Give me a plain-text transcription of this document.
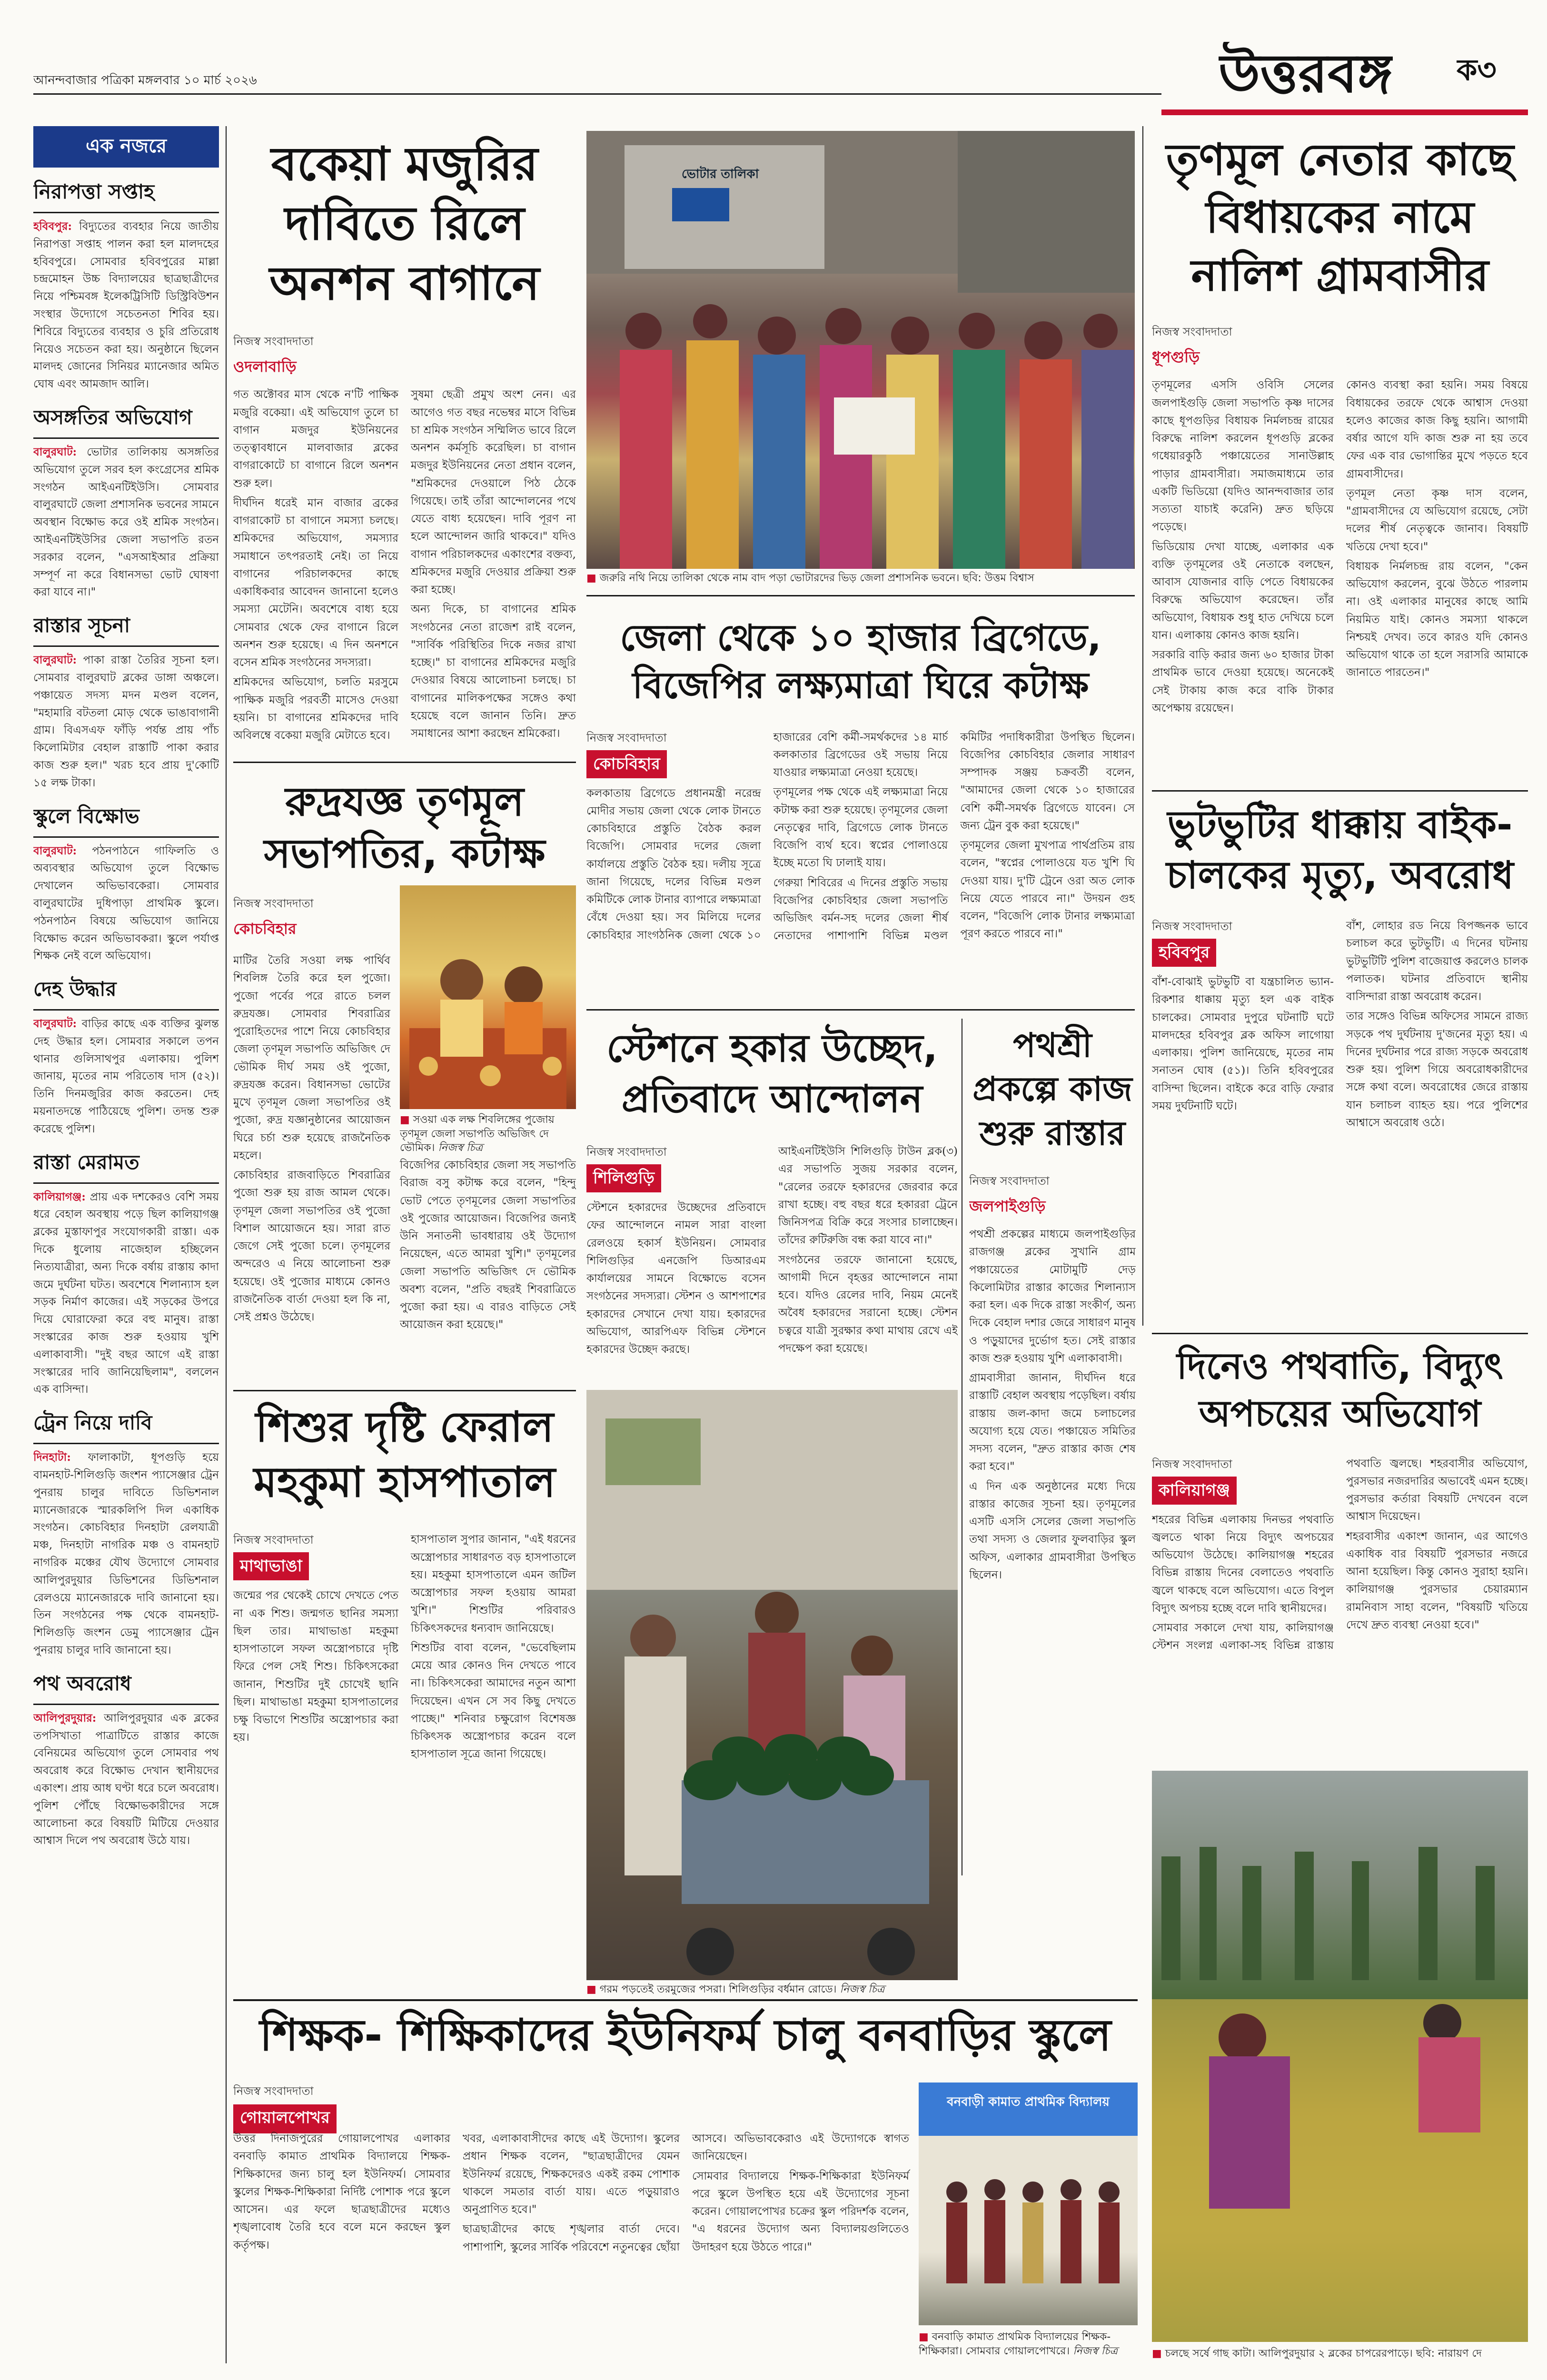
আনন্দবাজার পত্রিকা মঙ্গলবার ১০ মার্চ ২০২৬	উত্তরবঙ্গ ক৩
এক নজরে
নিরাপত্তা সপ্তাহ
হবিবপুর: বিদ্যুতের ব্যবহার নিয়ে জাতীয় নিরাপত্তা সপ্তাহ পালন করা হল মালদহের হবিবপুরে। সোমবার হবিবপুরের মাল্লা চন্দ্রমোহন উচ্চ বিদ্যালয়ের ছাত্রছাত্রীদের নিয়ে পশ্চিমবঙ্গ ইলেকট্রিসিটি ডিস্ট্রিবিউশন সংস্থার উদ্যোগে সচেতনতা শিবির হয়। শিবিরে বিদ্যুতের ব্যবহার ও চুরি প্রতিরোধ নিয়েও সচেতন করা হয়। অনুষ্ঠানে ছিলেন মালদহ জোনের সিনিয়র ম্যানেজার অমিত ঘোষ এবং আমজাদ আলি।
অসঙ্গতির অভিযোগ
বালুরঘাট: ভোটার তালিকায় অসঙ্গতির অভিযোগ তুলে সরব হল কংগ্রেসের শ্রমিক সংগঠন আইএনটিইউসি। সোমবার বালুরঘাটে জেলা প্রশাসনিক ভবনের সামনে অবস্থান বিক্ষোভ করে ওই শ্রমিক সংগঠন। আইএনটিইউসির জেলা সভাপতি রতন সরকার বলেন, "এসআইআর প্রক্রিয়া সম্পূর্ণ না করে বিধানসভা ভোট ঘোষণা করা যাবে না।"
রাস্তার সূচনা
বালুরঘাট: পাকা রাস্তা তৈরির সূচনা হল। সোমবার বালুরঘাট ব্লকের ডাঙ্গা অঞ্চলে। পঞ্চায়েত সদস্য মদন মণ্ডল বলেন, "মহামারি বটতলা মোড় থেকে ভাঙাবাগানী গ্রাম। বিএসএফ ফাঁড়ি পর্যন্ত প্রায় পাঁচ কিলোমিটার বেহাল রাস্তাটি পাকা করার কাজ শুরু হল।" খরচ হবে প্রায় দু'কোটি ১৫ লক্ষ টাকা।
স্কুলে বিক্ষোভ
বালুরঘাট: পঠনপাঠনে গাফিলতি ও অব্যবস্থার অভিযোগ তুলে বিক্ষোভ দেখালেন অভিভাবকেরা। সোমবার বালুরঘাটের দুধিপাড়া প্রাথমিক স্কুলে। পঠনপাঠন বিষয়ে অভিযোগ জানিয়ে বিক্ষোভ করেন অভিভাবকরা। স্কুলে পর্যাপ্ত শিক্ষক নেই বলে অভিযোগ।
দেহ উদ্ধার
বালুরঘাট: বাড়ির কাছে এক ব্যক্তির ঝুলন্ত দেহ উদ্ধার হল। সোমবার সকালে তপন থানার গুলিসাথপুর এলাকায়। পুলিশ জানায়, মৃতের নাম পরিতোষ দাস (৫২)। তিনি দিনমজুরির কাজ করতেন। দেহ ময়নাতদন্তে পাঠিয়েছে পুলিশ। তদন্ত শুরু করেছে পুলিশ।
রাস্তা মেরামত
কালিয়াগঞ্জ: প্রায় এক দশকেরও বেশি সময় ধরে বেহাল অবস্থায় পড়ে ছিল কালিয়াগঞ্জ ব্লকের মুস্তাফাপুর সংযোগকারী রাস্তা। এক দিকে ধুলোয় নাজেহাল হচ্ছিলেন নিত্যযাত্রীরা, অন্য দিকে বর্ষায় রাস্তায় কাদা জমে দুর্ঘটনা ঘটত। অবশেষে শিলান্যাস হল সড়ক নির্মাণ কাজের। এই সড়কের উপরে দিয়ে ঘোরাফেরা করে বহু মানুষ। রাস্তা সংস্কারের কাজ শুরু হওয়ায় খুশি এলাকাবাসী। "দুই বছর আগে এই রাস্তা সংস্কারের দাবি জানিয়েছিলাম", বললেন এক বাসিন্দা।
ট্রেন নিয়ে দাবি
দিনহাটা: ফালাকাটা, ধূপগুড়ি হয়ে বামনহাট-শিলিগুড়ি জংশন প্যাসেঞ্জার ট্রেন পুনরায় চালুর দাবিতে ডিভিশনাল ম্যানেজারকে স্মারকলিপি দিল একাধিক সংগঠন। কোচবিহার দিনহাটা রেলযাত্রী মঞ্চ, দিনহাটা নাগরিক মঞ্চ ও বামনহাট নাগরিক মঞ্চের যৌথ উদ্যোগে সোমবার আলিপুরদুয়ার ডিভিশনের ডিভিশনাল রেলওয়ে ম্যানেজারকে দাবি জানানো হয়। তিন সংগঠনের পক্ষ থেকে বামনহাট-শিলিগুড়ি জংশন ডেমু প্যাসেঞ্জার ট্রেন পুনরায় চালুর দাবি জানানো হয়।
পথ অবরোধ
আলিপুরদুয়ার: আলিপুরদুয়ার এক ব্লকের তপসিখাতা পাত্রাটিতে রাস্তার কাজে বেনিয়মের অভিযোগ তুলে সোমবার পথ অবরোধ করে বিক্ষোভ দেখান স্থানীয়দের একাংশ। প্রায় আধ ঘণ্টা ধরে চলে অবরোধ। পুলিশ পৌঁছে বিক্ষোভকারীদের সঙ্গে আলোচনা করে বিষয়টি মিটিয়ে দেওয়ার আশ্বাস দিলে পথ অবরোধ উঠে যায়।
বকেয়া মজুরির দাবিতে রিলে অনশন বাগানে
নিজস্ব সংবাদদাতা
ওদলাবাড়ি

গত অক্টোবর মাস থেকে ন'টি পাক্ষিক মজুরি বকেয়া। এই অভিযোগ তুলে চা বাগান মজদুর ইউনিয়নের তত্ত্বাবধানে মালবাজার ব্লকের বাগরাকোটে চা বাগানে রিলে অনশন শুরু হল।

দীর্ঘদিন ধরেই মান বাজার ব্রকের বাগরাকোট চা বাগানে সমস্যা চলছে। শ্রমিকদের অভিযোগ, সমস্যার সমাধানে তৎপরতাই নেই। তা নিয়ে বাগানের পরিচালকদের কাছে একাধিকবার আবেদন জানানো হলেও সমস্যা মেটেনি। অবশেষে বাধ্য হয়ে সোমবার থেকে ফের বাগানে রিলে অনশন শুরু হয়েছে। এ দিন অনশনে বসেন শ্রমিক সংগঠনের সদস্যরা।

শ্রমিকদের অভিযোগ, চলতি মরসুমে পাক্ষিক মজুরি পরবর্তী মাসেও দেওয়া হয়নি। চা বাগানের শ্রমিকদের দাবি অবিলম্বে বকেয়া মজুরি মেটাতে হবে।

সুষমা ছেত্রী প্রমুখ অংশ নেন। এর আগেও গত বছর নভেম্বর মাসে বিভিন্ন চা শ্রমিক সংগঠন সম্মিলিত ভাবে রিলে অনশন কর্মসূচি করেছিল। চা বাগান মজদুর ইউনিয়নের নেতা প্রধান বলেন, "শ্রমিকদের দেওয়ালে পিঠ ঠেকে গিয়েছে। তাই তাঁরা আন্দোলনের পথে যেতে বাধ্য হয়েছেন। দাবি পূরণ না হলে আন্দোলন জারি থাকবে।" যদিও বাগান পরিচালকদের একাংশের বক্তব্য, শ্রমিকদের মজুরি দেওয়ার প্রক্রিয়া শুরু করা হচ্ছে।

অন্য দিকে, চা বাগানের শ্রমিক সংগঠনের নেতা রাজেশ রাই বলেন, "সার্বিক পরিস্থিতির দিকে নজর রাখা হচ্ছে।" চা বাগানের শ্রমিকদের মজুরি দেওয়ার বিষয়ে আলোচনা চলছে। চা বাগানের মালিকপক্ষের সঙ্গেও কথা হয়েছে বলে জানান তিনি। দ্রুত সমাধানের আশা করছেন শ্রমিকেরা।

ভোটার তালিকা
■ জরুরি নথি নিয়ে তালিকা থেকে নাম বাদ পড়া ভোটারদের ভিড় জেলা প্রশাসনিক ভবনে। ছবি: উত্তম বিশ্বাস
তৃণমূল নেতার কাছে বিধায়কের নামে নালিশ গ্রামবাসীর
নিজস্ব সংবাদদাতা
ধূপগুড়ি

তৃণমূলের এসসি ওবিসি সেলের জলপাইগুড়ি জেলা সভাপতি কৃষ্ণ দাসের কাছে ধূপগুড়ির বিধায়ক নির্মলচন্দ্র রায়ের বিরুদ্ধে নালিশ করলেন ধূপগুড়ি ব্লকের গধেয়ারকুঠি পঞ্চায়েতের সানাউল্লাহ পাড়ার গ্রামবাসীরা। সমাজমাধ্যমে তার একটি ভিডিয়ো (যদিও আনন্দবাজার তার সত্যতা যাচাই করেনি) দ্রুত ছড়িয়ে পড়েছে।

ভিডিয়োয় দেখা যাচ্ছে, এলাকার এক ব্যক্তি তৃণমূলের ওই নেতাকে বলছেন, আবাস যোজনার বাড়ি পেতে বিধায়কের বিরুদ্ধে অভিযোগ করেছেন। তাঁর অভিযোগ, বিধায়ক শুধু হাত দেখিয়ে চলে যান। এলাকায় কোনও কাজ হয়নি।

সরকারি বাড়ি করার জন্য ৬০ হাজার টাকা প্রাথমিক ভাবে দেওয়া হয়েছে। অনেকেই সেই টাকায় কাজ করে বাকি টাকার অপেক্ষায় রয়েছেন।

কোনও ব্যবস্থা করা হয়নি। সময় বিষয়ে বিধায়কের তরফে থেকে আশ্বাস দেওয়া হলেও কাজের কাজ কিছু হয়নি। আগামী বর্ষার আগে যদি কাজ শুরু না হয় তবে ফের এক বার ভোগান্তির মুখে পড়তে হবে গ্রামবাসীদের।

তৃণমূল নেতা কৃষ্ণ দাস বলেন, "গ্রামবাসীদের যে অভিযোগ রয়েছে, সেটা দলের শীর্ষ নেতৃত্বকে জানাব। বিষয়টি খতিয়ে দেখা হবে।"

বিধায়ক নির্মলচন্দ্র রায় বলেন, "কেন অভিযোগ করলেন, বুঝে উঠতে পারলাম না। ওই এলাকার মানুষের কাছে আমি নিয়মিত যাই। কোনও সমস্যা থাকলে নিশ্চয়ই দেখব। তবে কারও যদি কোনও অভিযোগ থাকে তা হলে সরাসরি আমাকে জানাতে পারতেন।"

রুদ্রযজ্ঞ তৃণমূল সভাপতির, কটাক্ষ
নিজস্ব সংবাদদাতা
কোচবিহার

মাটির তৈরি সওয়া লক্ষ পার্থিব শিবলিঙ্গ তৈরি করে হল পুজো। পুজো পর্বের পরে রাতে চলল রুদ্রযজ্ঞ। সোমবার শিবরাত্রির পুরোহিতদের পাশে নিয়ে কোচবিহার জেলা তৃণমূল সভাপতি অভিজিৎ দে ভৌমিক দীর্ঘ সময় ওই পুজো, রুদ্রযজ্ঞ করেন। বিধানসভা ভোটের মুখে তৃণমূল জেলা সভাপতির ওই পুজো, রুদ্র যজ্ঞানুষ্ঠানের আয়োজন ঘিরে চর্চা শুরু হয়েছে রাজনৈতিক মহলে।

কোচবিহার রাজবাড়িতে শিবরাত্রির পুজো শুরু হয় রাজ আমল থেকে। তৃণমূল জেলা সভাপতির ওই পুজো বিশাল আয়োজনে হয়। সারা রাত জেগে সেই পুজো চলে। তৃণমূলের অন্দরেও এ নিয়ে আলোচনা শুরু হয়েছে। ওই পুজোর মাধ্যমে কোনও রাজনৈতিক বার্তা দেওয়া হল কি না, সেই প্রশ্নও উঠেছে।

■ সওয়া এক লক্ষ শিবলিঙ্গের পুজোয় তৃণমূল জেলা সভাপতি অভিজিৎ দে ভৌমিক। নিজস্ব চিত্র

বিজেপির কোচবিহার জেলা সহ সভাপতি বিরাজ বসু কটাক্ষ করে বলেন, "হিন্দু ভোট পেতে তৃণমূলের জেলা সভাপতির ওই পুজোর আয়োজন। বিজেপির জন্যই উনি সনাতনী ভাবধারায় ওই উদ্যোগ নিয়েছেন, এতে আমরা খুশি।" তৃণমূলের জেলা সভাপতি অভিজিৎ দে ভৌমিক অবশ্য বলেন, "প্রতি বছরই শিবরাত্রিতে পুজো করা হয়। এ বারও বাড়িতে সেই আয়োজন করা হয়েছে।"

জেলা থেকে ১০ হাজার ব্রিগেডে, বিজেপির লক্ষ্যমাত্রা ঘিরে কটাক্ষ
নিজস্ব সংবাদদাতা
কোচবিহার

কলকাতায় ব্রিগেডে প্রধানমন্ত্রী নরেন্দ্র মোদীর সভায় জেলা থেকে লোক টানতে কোচবিহারে প্রস্তুতি বৈঠক করল বিজেপি। সোমবার দলের জেলা কার্যালয়ে প্রস্তুতি বৈঠক হয়। দলীয় সূত্রে জানা গিয়েছে, দলের বিভিন্ন মণ্ডল কমিটিকে লোক টানার ব্যাপারে লক্ষ্যমাত্রা বেঁধে দেওয়া হয়। সব মিলিয়ে দলের কোচবিহার সাংগঠনিক জেলা থেকে ১০ হাজারের বেশি কর্মী-সমর্থকদের ১৪ মার্চ কলকাতার ব্রিগেডের ওই সভায় নিয়ে যাওয়ার লক্ষ্যমাত্রা নেওয়া হয়েছে।

তৃণমূলের পক্ষ থেকে এই লক্ষ্যমাত্রা নিয়ে কটাক্ষ করা শুরু হয়েছে। তৃণমূলের জেলা নেতৃত্বের দাবি, ব্রিগেডে লোক টানতে বিজেপি ব্যর্থ হবে। স্বপ্নের পোলাওয়ে ইচ্ছে মতো ঘি ঢালাই যায়।

গেরুয়া শিবিরের এ দিনের প্রস্তুতি সভায় বিজেপির কোচবিহার জেলা সভাপতি অভিজিৎ বর্মন-সহ দলের জেলা শীর্ষ নেতাদের পাশাপাশি বিভিন্ন মণ্ডল কমিটির পদাধিকারীরা উপস্থিত ছিলেন। বিজেপির কোচবিহার জেলার সাধারণ সম্পাদক সঞ্জয় চক্রবর্তী বলেন, "আমাদের জেলা থেকে ১০ হাজারের বেশি কর্মী-সমর্থক ব্রিগেডে যাবেন। সে জন্য ট্রেন বুক করা হয়েছে।"

তৃণমূলের জেলা মুখপাত্র পার্থপ্রতিম রায় বলেন, "স্বপ্নের পোলাওয়ে যত খুশি ঘি দেওয়া যায়। দু'টি ট্রেনে ওরা অত লোক নিয়ে যেতে পারবে না।" উদয়ন গুহ বলেন, "বিজেপি লোক টানার লক্ষ্যমাত্রা পূরণ করতে পারবে না।"

স্টেশনে হকার উচ্ছেদ, প্রতিবাদে আন্দোলন
নিজস্ব সংবাদদাতা
শিলিগুড়ি

স্টেশনে হকারদের উচ্ছেদের প্রতিবাদে ফের আন্দোলনে নামল সারা বাংলা রেলওয়ে হকার্স ইউনিয়ন। সোমবার শিলিগুড়ির এনজেপি ডিআরএম কার্যালয়ের সামনে বিক্ষোভে বসেন সংগঠনের সদস্যরা। স্টেশন ও আশপাশের হকারদের সেখানে দেখা যায়। হকারদের অভিযোগ, আরপিএফ বিভিন্ন স্টেশনে হকারদের উচ্ছেদ করছে।

আইএনটিইউসি শিলিগুড়ি টাউন ব্লক(৩) এর সভাপতি সুজয় সরকার বলেন, "রেলের তরফে হকারদের জেরবার করে রাখা হচ্ছে। বহু বছর ধরে হকাররা ট্রেনে জিনিসপত্র বিক্রি করে সংসার চালাচ্ছেন। তাঁদের রুটিরুজি বন্ধ করা যাবে না।"

সংগঠনের তরফে জানানো হয়েছে, আগামী দিনে বৃহত্তর আন্দোলনে নামা হবে। যদিও রেলের দাবি, নিয়ম মেনেই অবৈধ হকারদের সরানো হচ্ছে। স্টেশন চত্বরে যাত্রী সুরক্ষার কথা মাথায় রেখে এই পদক্ষেপ করা হয়েছে।

পথশ্রী প্রকল্পে কাজ শুরু রাস্তার
নিজস্ব সংবাদদাতা
জলপাইগুড়ি

পথশ্রী প্রকল্পের মাধ্যমে জলপাইগুড়ির রাজগঞ্জ ব্লকের সুখানি গ্রাম পঞ্চায়েতের মোটামুটি দেড় কিলোমিটার রাস্তার কাজের শিলান্যাস করা হল। এক দিকে রাস্তা সংকীর্ণ, অন্য দিকে বেহাল দশার জেরে সাধারণ মানুষ ও পড়ুয়াদের দুর্ভোগ হত। সেই রাস্তার কাজ শুরু হওয়ায় খুশি এলাকাবাসী।

গ্রামবাসীরা জানান, দীর্ঘদিন ধরে রাস্তাটি বেহাল অবস্থায় পড়েছিল। বর্ষায় রাস্তায় জল-কাদা জমে চলাচলের অযোগ্য হয়ে যেত। পঞ্চায়েত সমিতির সদস্য বলেন, "দ্রুত রাস্তার কাজ শেষ করা হবে।"

এ দিন এক অনুষ্ঠানের মধ্যে দিয়ে রাস্তার কাজের সূচনা হয়। তৃণমূলের এসটি এসসি সেলের জেলা সভাপতি তথা সদস্য ও জেলার ফুলবাড়ির স্কুল অফিস, এলাকার গ্রামবাসীরা উপস্থিত ছিলেন।

ভুটভুটির ধাক্কায় বাইক-চালকের মৃত্যু, অবরোধ
নিজস্ব সংবাদদাতা
হবিবপুর

বাঁশ-বোঝাই ভুটভুটি বা যন্ত্রচালিত ভ্যান-রিকশার ধাক্কায় মৃত্যু হল এক বাইক চালকের। সোমবার দুপুরে ঘটনাটি ঘটে মালদহের হবিবপুর ব্লক অফিস লাগোয়া এলাকায়। পুলিশ জানিয়েছে, মৃতের নাম সনাতন ঘোষ (৫১)। তিনি হবিবপুরের বাসিন্দা ছিলেন। বাইকে করে বাড়ি ফেরার সময় দুর্ঘটনাটি ঘটে।

বাঁশ, লোহার রড নিয়ে বিপজ্জনক ভাবে চলাচল করে ভুটভুটি। এ দিনের ঘটনায় ভুটভুটিটি পুলিশ বাজেয়াপ্ত করলেও চালক পলাতক। ঘটনার প্রতিবাদে স্থানীয় বাসিন্দারা রাস্তা অবরোধ করেন।

তার সঙ্গেও বিভিন্ন অফিসের সামনে রাজ্য সড়কে পথ দুর্ঘটনায় দু'জনের মৃত্যু হয়। এ দিনের দুর্ঘটনার পরে রাজ্য সড়কে অবরোধ শুরু হয়। পুলিশ গিয়ে অবরোধকারীদের সঙ্গে কথা বলে। অবরোধের জেরে রাস্তায় যান চলাচল ব্যাহত হয়। পরে পুলিশের আশ্বাসে অবরোধ ওঠে।

দিনেও পথবাতি, বিদ্যুৎ অপচয়ের অভিযোগ
নিজস্ব সংবাদদাতা
কালিয়াগঞ্জ

শহরের বিভিন্ন এলাকায় দিনভর পথবাতি জ্বলতে থাকা নিয়ে বিদ্যুৎ অপচয়ের অভিযোগ উঠেছে। কালিয়াগঞ্জ শহরের বিভিন্ন রাস্তায় দিনের বেলাতেও পথবাতি জ্বলে থাকছে বলে অভিযোগ। এতে বিপুল বিদ্যুৎ অপচয় হচ্ছে বলে দাবি স্থানীয়দের।

সোমবার সকালে দেখা যায়, কালিয়াগঞ্জ স্টেশন সংলগ্ন এলাকা-সহ বিভিন্ন রাস্তায় পথবাতি জ্বলছে। শহরবাসীর অভিযোগ, পুরসভার নজরদারির অভাবেই এমন হচ্ছে। পুরসভার কর্তারা বিষয়টি দেখবেন বলে আশ্বাস দিয়েছেন।

শহরবাসীর একাংশ জানান, এর আগেও একাধিক বার বিষয়টি পুরসভার নজরে আনা হয়েছিল। কিন্তু কোনও সুরাহা হয়নি। কালিয়াগঞ্জ পুরসভার চেয়ারম্যান রামনিবাস সাহা বলেন, "বিষয়টি খতিয়ে দেখে দ্রুত ব্যবস্থা নেওয়া হবে।"

■ চলছে সর্ষে গাছ কাটা। আলিপুরদুয়ার ২ ব্লকের চাপরেরপাড়ে। ছবি: নারায়ণ দে
শিশুর দৃষ্টি ফেরাল মহকুমা হাসপাতাল
নিজস্ব সংবাদদাতা
মাথাভাঙা

জন্মের পর থেকেই চোখে দেখতে পেত না এক শিশু। জন্মগত ছানির সমস্যা ছিল তার। মাথাভাঙা মহকুমা হাসপাতালে সফল অস্ত্রোপচারে দৃষ্টি ফিরে পেল সেই শিশু। চিকিৎসকেরা জানান, শিশুটির দুই চোখেই ছানি ছিল। মাথাভাঙা মহকুমা হাসপাতালের চক্ষু বিভাগে শিশুটির অস্ত্রোপচার করা হয়।

হাসপাতাল সুপার জানান, "এই ধরনের অস্ত্রোপচার সাধারণত বড় হাসপাতালে হয়। মহকুমা হাসপাতালে এমন জটিল অস্ত্রোপচার সফল হওয়ায় আমরা খুশি।" শিশুটির পরিবারও চিকিৎসকদের ধন্যবাদ জানিয়েছে।

শিশুটির বাবা বলেন, "ভেবেছিলাম মেয়ে আর কোনও দিন দেখতে পাবে না। চিকিৎসকেরা আমাদের নতুন আশা দিয়েছেন। এখন সে সব কিছু দেখতে পাচ্ছে।" শনিবার চক্ষুরোগ বিশেষজ্ঞ চিকিৎসক অস্ত্রোপচার করেন বলে হাসপাতাল সূত্রে জানা গিয়েছে।

■ গরম পড়তেই তরমুজের পসরা। শিলিগুড়ির বর্ধমান রোডে। নিজস্ব চিত্র
শিক্ষক- শিক্ষিকাদের ইউনিফর্ম চালু বনবাড়ির স্কুলে
নিজস্ব সংবাদদাতা
গোয়ালপোখর

উত্তর দিনাজপুরের গোয়ালপোখর এলাকার বনবাড়ি কামাত প্রাথমিক বিদ্যালয়ে শিক্ষক-শিক্ষিকাদের জন্য চালু হল ইউনিফর্ম। সোমবার স্কুলের শিক্ষক-শিক্ষিকারা নির্দিষ্ট পোশাক পরে স্কুলে আসেন। এর ফলে ছাত্রছাত্রীদের মধ্যেও শৃঙ্খলাবোধ তৈরি হবে বলে মনে করছেন স্কুল কর্তৃপক্ষ।

খবর, এলাকাবাসীদের কাছে এই উদ্যোগ। স্কুলের প্রধান শিক্ষক বলেন, "ছাত্রছাত্রীদের যেমন ইউনিফর্ম রয়েছে, শিক্ষকদেরও একই রকম পোশাক থাকলে সমতার বার্তা যায়। এতে পড়ুয়ারাও অনুপ্রাণিত হবে।"

ছাত্রছাত্রীদের কাছে শৃঙ্খলার বার্তা দেবে। পাশাপাশি, স্কুলের সার্বিক পরিবেশে নতুনত্বের ছোঁয়া আসবে। অভিভাবকেরাও এই উদ্যোগকে স্বাগত জানিয়েছেন।

সোমবার বিদ্যালয়ে শিক্ষক-শিক্ষিকারা ইউনিফর্ম পরে স্কুলে উপস্থিত হয়ে এই উদ্যোগের সূচনা করেন। গোয়ালপোখর চক্রের স্কুল পরিদর্শক বলেন, "এ ধরনের উদ্যোগ অন্য বিদ্যালয়গুলিতেও উদাহরণ হয়ে উঠতে পারে।"

বনবাড়ী কামাত প্রাথমিক বিদ্যালয়
■ বনবাড়ি কামাত প্রাথমিক বিদ্যালয়ের শিক্ষক-শিক্ষিকারা। সোমবার গোয়ালপোখরে। নিজস্ব চিত্র
